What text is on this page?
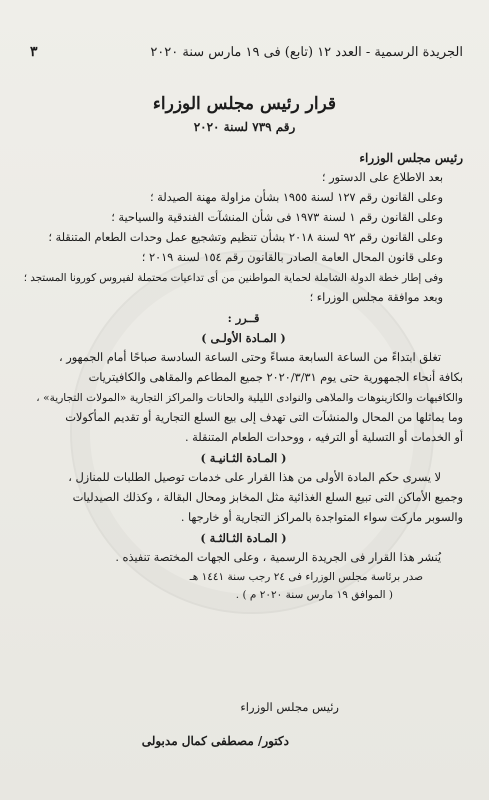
الجريدة الرسمية - العدد ١٢ (تابع) فى ١٩ مارس سنة ٢٠٢٠
٣
قرار رئيس مجلس الوزراء
رقم ٧٣٩ لسنة ٢٠٢٠

رئيس مجلس الوزراء

بعد الاطلاع على الدستور ؛

وعلى القانون رقم ١٢٧ لسنة ١٩٥٥ بشأن مزاولة مهنة الصيدلة ؛

وعلى القانون رقم ١ لسنة ١٩٧٣ فى شأن المنشآت الفندقية والسياحية ؛

وعلى القانون رقم ٩٢ لسنة ٢٠١٨ بشأن تنظيم وتشجيع عمل وحدات الطعام المتنقلة ؛

وعلى قانون المحال العامة الصادر بالقانون رقم ١٥٤ لسنة ٢٠١٩ ؛

وفى إطار خطة الدولة الشاملة لحماية المواطنين من أى تداعيات محتملة لفيروس كورونا المستجد ؛

وبعد موافقة مجلس الوزراء ؛

قــرر :

( المـادة الأولـى )

تغلق ابتداءً من الساعة السابعة مساءً وحتى الساعة السادسة صباحًا أمام الجمهور ،

بكافة أنحاء الجمهورية حتى يوم ٢٠٢٠/٣/٣١ جميع المطاعم والمقاهى والكافيتريات

والكافيهات والكازينوهات والملاهى والنوادى الليلية والحانات والمراكز التجارية «المولات التجارية» ،

وما يماثلها من المحال والمنشآت التى تهدف إلى بيع السلع التجارية أو تقديم المأكولات

أو الخدمات أو التسلية أو الترفيه ، ووحدات الطعام المتنقلة .

( المـادة الثـانيـة )

لا يسرى حكم المادة الأولى من هذا القرار على خدمات توصيل الطلبات للمنازل ،

وجميع الأماكن التى تبيع السلع الغذائية مثل المخابز ومحال البقالة ، وكذلك الصيدليات

والسوبر ماركت سواء المتواجدة بالمراكز التجارية أو خارجها .

( المـادة الثـالثـة )

يُنشر هذا القرار فى الجريدة الرسمية ، وعلى الجهات المختصة تنفيذه .

صدر برئاسة مجلس الوزراء فى ٢٤ رجب سنة ١٤٤١ هـ

( الموافق ١٩ مارس سنة ٢٠٢٠ م ) .

رئيس مجلس الوزراء
دكتور/ مصطفى كمال مدبولى
